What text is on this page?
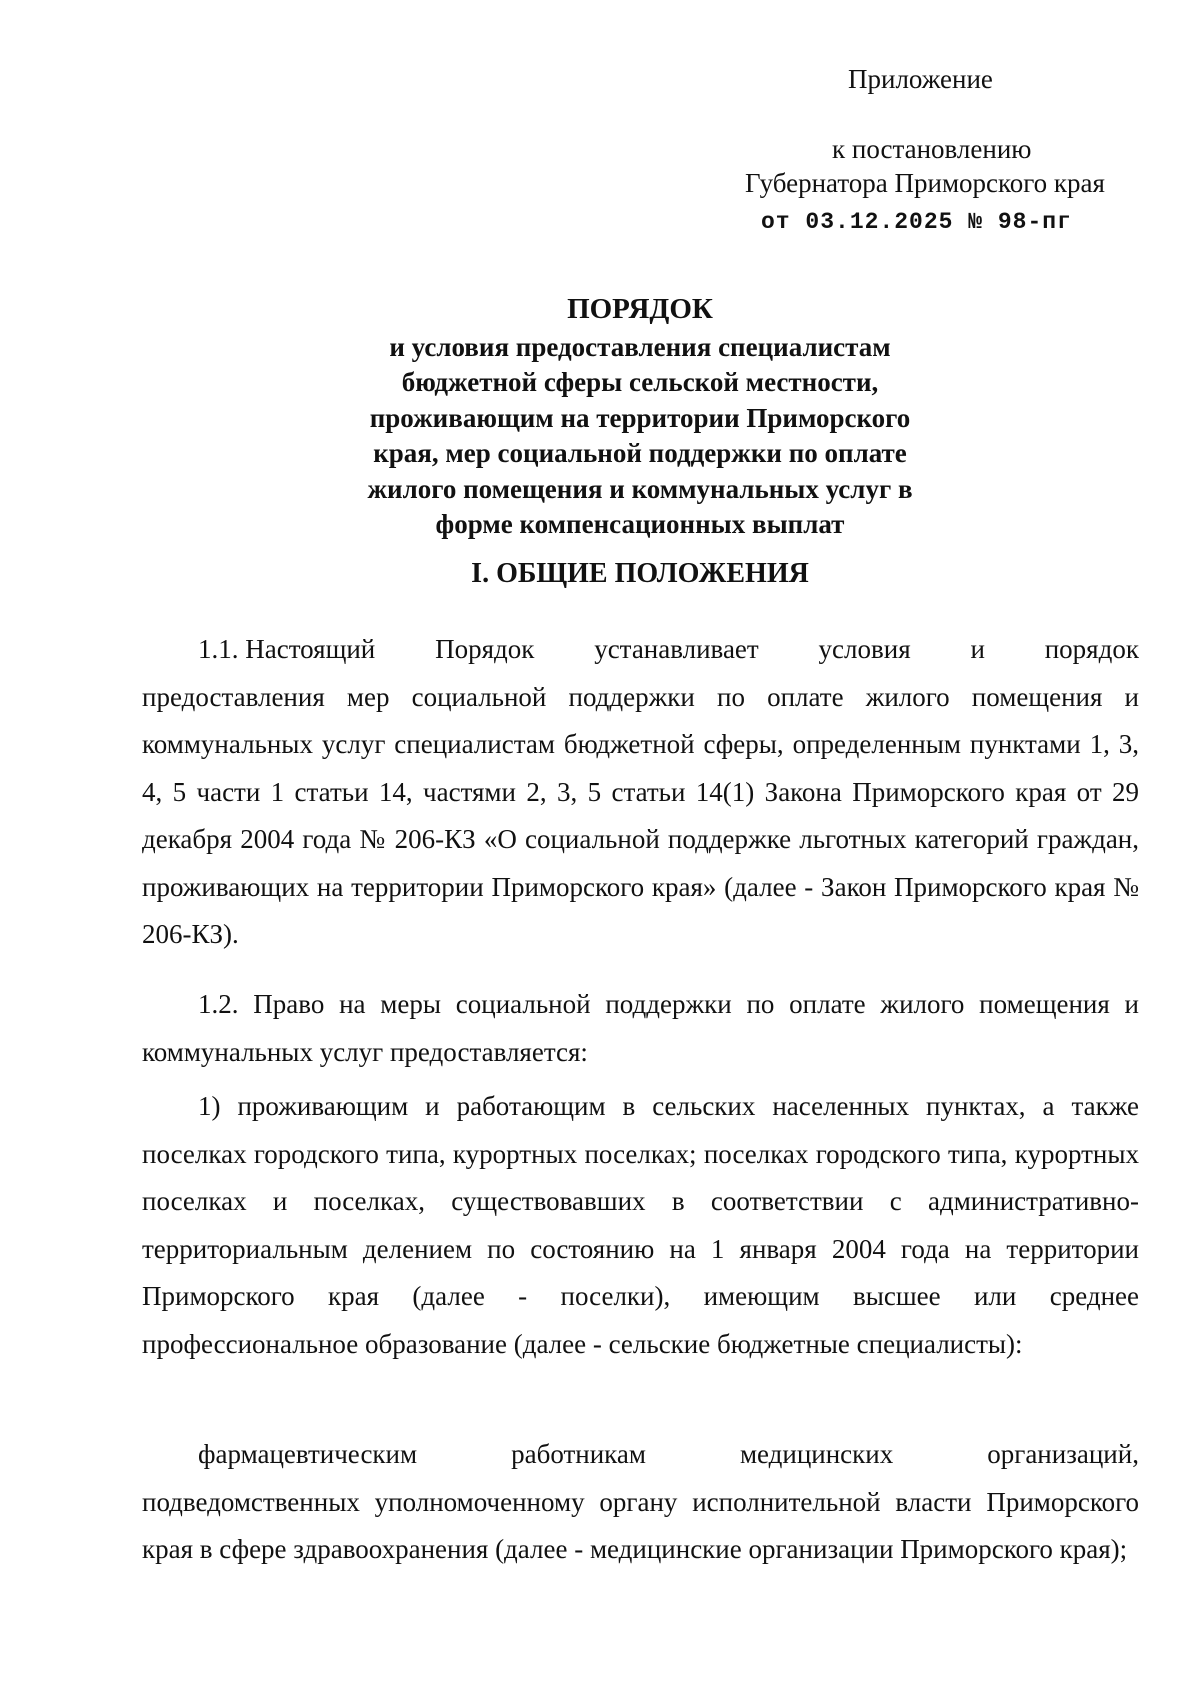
Приложение
к постановлению
Губернатора Приморского края
от 03.12.2025 № 98-пг
ПОРЯДОК
и условия предоставления специалистам
бюджетной сферы сельской местности,
проживающим на территории Приморского
края, мер социальной поддержки по оплате
жилого помещения и коммунальных услуг в
форме компенсационных выплат
I. ОБЩИЕ ПОЛОЖЕНИЯ
1.1. Настоящий Порядок устанавливает условия и порядок

предоставления мер социальной поддержки по оплате жилого помещения и коммунальных услуг специалистам бюджетной сферы, определенным пунктами 1, 3, 4, 5 части 1 статьи 14, частями 2, 3, 5 статьи 14(1) Закона Приморского края от 29 декабря 2004 года № 206-КЗ «О социальной поддержке льготных категорий граждан, проживающих на территории Приморского края» (далее - Закон Приморского края № 206-КЗ).

1.2. Право на меры социальной поддержки по оплате жилого помещения и коммунальных услуг предоставляется:

1) проживающим и работающим в сельских населенных пунктах, а также поселках городского типа, курортных поселках; поселках городского типа, курортных поселках и поселках, существовавших в соответствии с административно-территориальным делением по состоянию на 1 января 2004 года на территории Приморского края (далее - поселки), имеющим высшее или среднее профессиональное образование (далее - сельские бюджетные специалисты):

фармацевтическим	работникам	медицинских	организаций,

подведомственных уполномоченному органу исполнительной власти Приморского края в сфере здравоохранения (далее - медицинские организации Приморского края);
